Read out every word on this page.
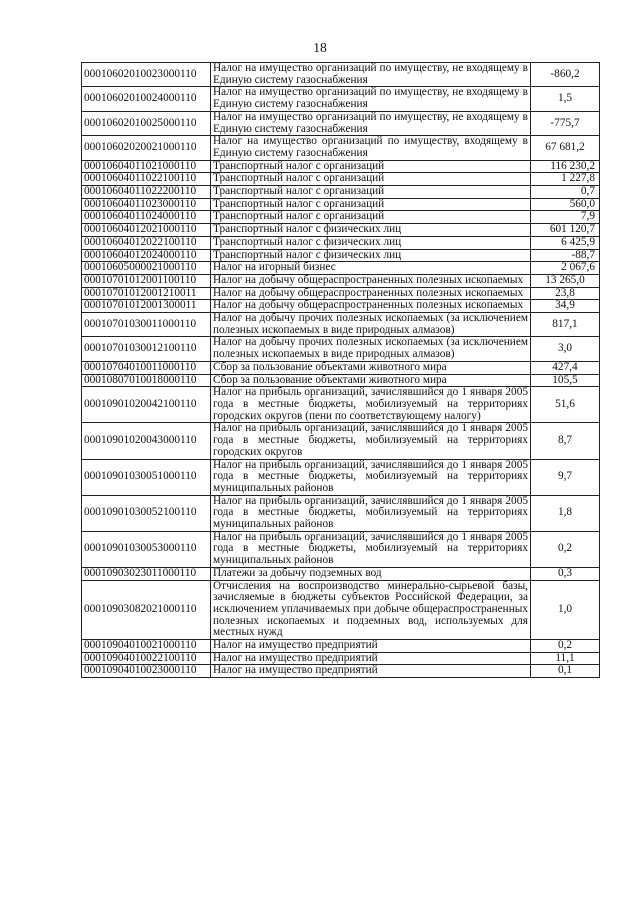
18
00010602010023000110	Налог на имущество организаций по имуществу, не входящему в Единую систему газоснабжения	-860,2
00010602010024000110	Налог на имущество организаций по имуществу, не входящему в Единую систему газоснабжения	1,5
00010602010025000110	Налог на имущество организаций по имуществу, не входящему в Единую систему газоснабжения	-775,7
00010602020021000110	Налог на имущество организаций по имуществу, входящему в Единую систему газоснабжения	67 681,2
00010604011021000110	Транспортный налог с организаций	116 230,2
00010604011022100110	Транспортный налог с организаций	1 227,8
00010604011022200110	Транспортный налог с организаций	0,7
00010604011023000110	Транспортный налог с организаций	560,0
00010604011024000110	Транспортный налог с организаций	7,9
00010604012021000110	Транспортный налог с физических лиц	601 120,7
00010604012022100110	Транспортный налог с физических лиц	6 425,9
00010604012024000110	Транспортный налог с физических лиц	-88,7
00010605000021000110	Налог на игорный бизнес	2 067,6
00010701012001100110	Налог на добычу общераспространенных полезных ископаемых	13 265,0
00010701012001210011	Налог на добычу общераспространенных полезных ископаемых	23,8
00010701012001300011	Налог на добычу общераспространенных полезных ископаемых	34,9
00010701030011000110	Налог на добычу прочих полезных ископаемых (за исключением полезных ископаемых в виде природных алмазов)	817,1
00010701030012100110	Налог на добычу прочих полезных ископаемых (за исключением полезных ископаемых в виде природных алмазов)	3,0
00010704010011000110	Сбор за пользование объектами животного мира	427,4
00010807010018000110	Сбор за пользование объектами животного мира	105,5
00010901020042100110	Налог на прибыль организаций, зачислявшийся до 1 января 2005 года в местные бюджеты, мобилизуемый на территориях городских округов (пени по соответствующему налогу)	51,6
00010901020043000110	Налог на прибыль организаций, зачислявшийся до 1 января 2005 года в местные бюджеты, мобилизуемый на территориях городских округов	8,7
00010901030051000110	Налог на прибыль организаций, зачислявшийся до 1 января 2005 года в местные бюджеты, мобилизуемый на территориях муниципальных районов	9,7
00010901030052100110	Налог на прибыль организаций, зачислявшийся до 1 января 2005 года в местные бюджеты, мобилизуемый на территориях муниципальных районов	1,8
00010901030053000110	Налог на прибыль организаций, зачислявшийся до 1 января 2005 года в местные бюджеты, мобилизуемый на территориях муниципальных районов	0,2
00010903023011000110	Платежи за добычу подземных вод	0,3
00010903082021000110	Отчисления на воспроизводство минерально-сырьевой базы, зачисляемые в бюджеты субъектов Российской Федерации, за исключением уплачиваемых при добыче общераспространенных полезных ископаемых и подземных вод, используемых для местных нужд	1,0
00010904010021000110	Налог на имущество предприятий	0,2
00010904010022100110	Налог на имущество предприятий	11,1
00010904010023000110	Налог на имущество предприятий	0,1
